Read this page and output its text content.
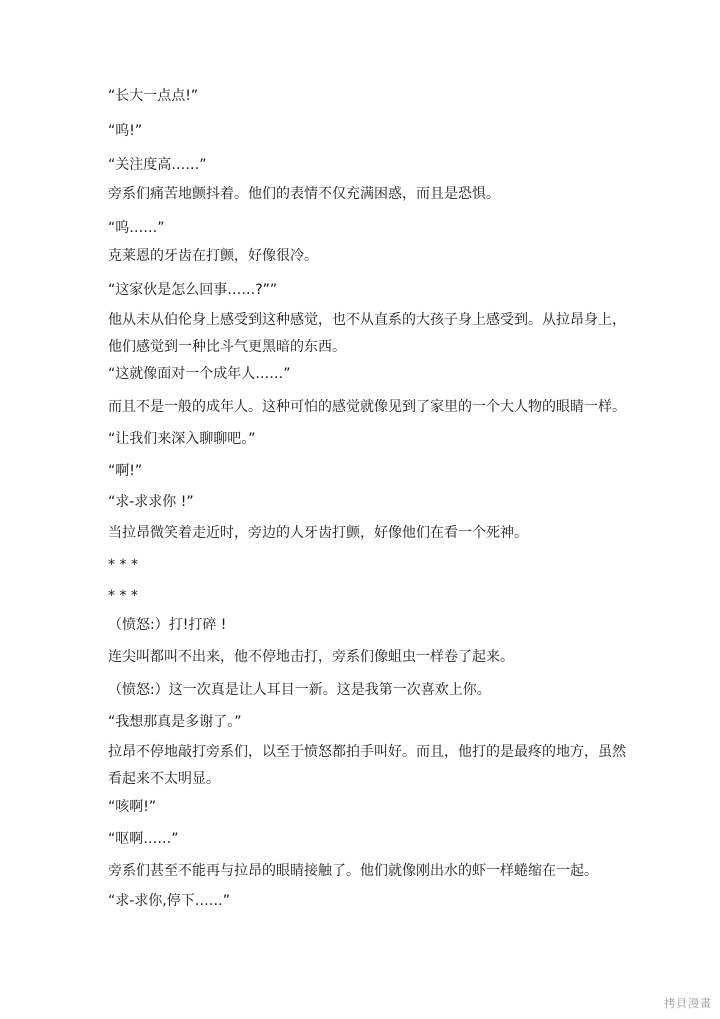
“长大一点点!”
“呜!”
“关注度高……”
旁系们痛苦地颤抖着。他们的表情不仅充满困惑，而且是恐惧。
“呜……”
克莱恩的牙齿在打颤，好像很冷。
“这家伙是怎么回事……?””
他从未从伯伦身上感受到这种感觉，也不从直系的大孩子身上感受到。从拉昂身上，他们感觉到一种比斗气更黑暗的东西。
“这就像面对一个成年人……”
而且不是一般的成年人。这种可怕的感觉就像见到了家里的一个大人物的眼睛一样。
“让我们来深入聊聊吧。”
“啊!”
“求-求求你 !”
当拉昂微笑着走近时，旁边的人牙齿打颤，好像他们在看一个死神。
* * *
* * *
（愤怒:）打!打碎 !
连尖叫都叫不出来，他不停地击打，旁系们像蛆虫一样卷了起来。
（愤怒:）这一次真是让人耳目一新。这是我第一次喜欢上你。
“我想那真是多谢了。”
拉昂不停地敲打旁系们，以至于愤怒都拍手叫好。而且，他打的是最疼的地方，虽然看起来不太明显。
“咳啊!”
“呕啊……”
旁系们甚至不能再与拉昂的眼睛接触了。他们就像刚出水的虾一样蜷缩在一起。
“求-求你,停下……”
拷貝漫畫
